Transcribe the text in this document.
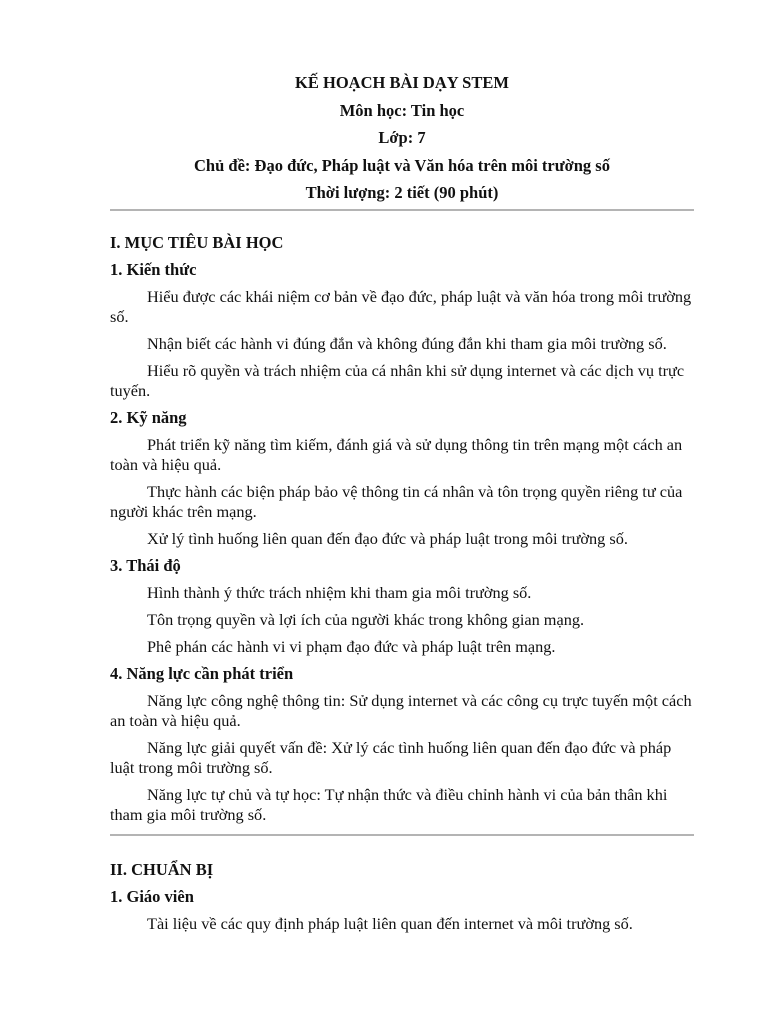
KẾ HOẠCH BÀI DẠY STEM
Môn học: Tin học
Lớp: 7
Chủ đề: Đạo đức, Pháp luật và Văn hóa trên môi trường số
Thời lượng: 2 tiết (90 phút)
I. MỤC TIÊU BÀI HỌC
1. Kiến thức
Hiểu được các khái niệm cơ bản về đạo đức, pháp luật và văn hóa trong môi trường số.
Nhận biết các hành vi đúng đắn và không đúng đắn khi tham gia môi trường số.
Hiểu rõ quyền và trách nhiệm của cá nhân khi sử dụng internet và các dịch vụ trực tuyến.
2. Kỹ năng
Phát triển kỹ năng tìm kiếm, đánh giá và sử dụng thông tin trên mạng một cách an toàn và hiệu quả.
Thực hành các biện pháp bảo vệ thông tin cá nhân và tôn trọng quyền riêng tư của người khác trên mạng.
Xử lý tình huống liên quan đến đạo đức và pháp luật trong môi trường số.
3. Thái độ
Hình thành ý thức trách nhiệm khi tham gia môi trường số.
Tôn trọng quyền và lợi ích của người khác trong không gian mạng.
Phê phán các hành vi vi phạm đạo đức và pháp luật trên mạng.
4. Năng lực cần phát triển
Năng lực công nghệ thông tin: Sử dụng internet và các công cụ trực tuyến một cách an toàn và hiệu quả.
Năng lực giải quyết vấn đề: Xử lý các tình huống liên quan đến đạo đức và pháp luật trong môi trường số.
Năng lực tự chủ và tự học: Tự nhận thức và điều chỉnh hành vi của bản thân khi tham gia môi trường số.
II. CHUẨN BỊ
1. Giáo viên
Tài liệu về các quy định pháp luật liên quan đến internet và môi trường số.
